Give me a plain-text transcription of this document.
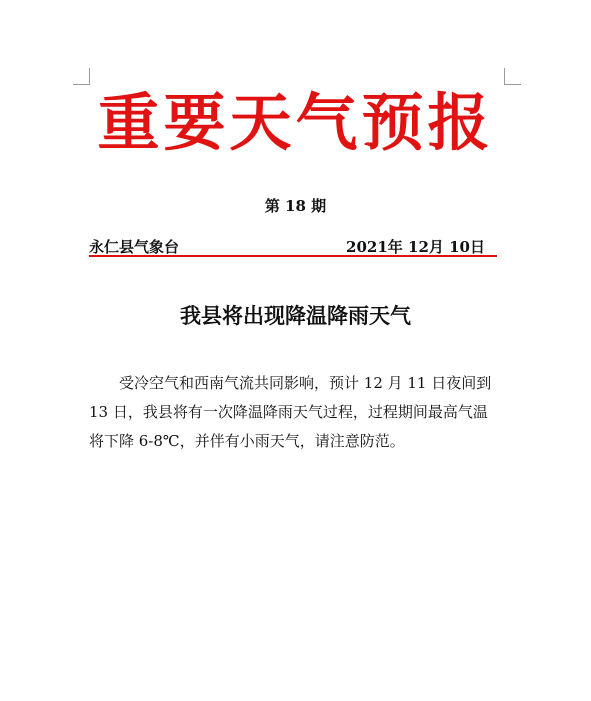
重要天气预报
第 18 期
永仁县气象台	2021年 12月 10日
我县将出现降温降雨天气

受冷空气和西南气流共同影响，预计 12 月 11 日夜间到 13 日，我县将有一次降温降雨天气过程，过程期间最高气温将下降 6-8℃，并伴有小雨天气，请注意防范。
